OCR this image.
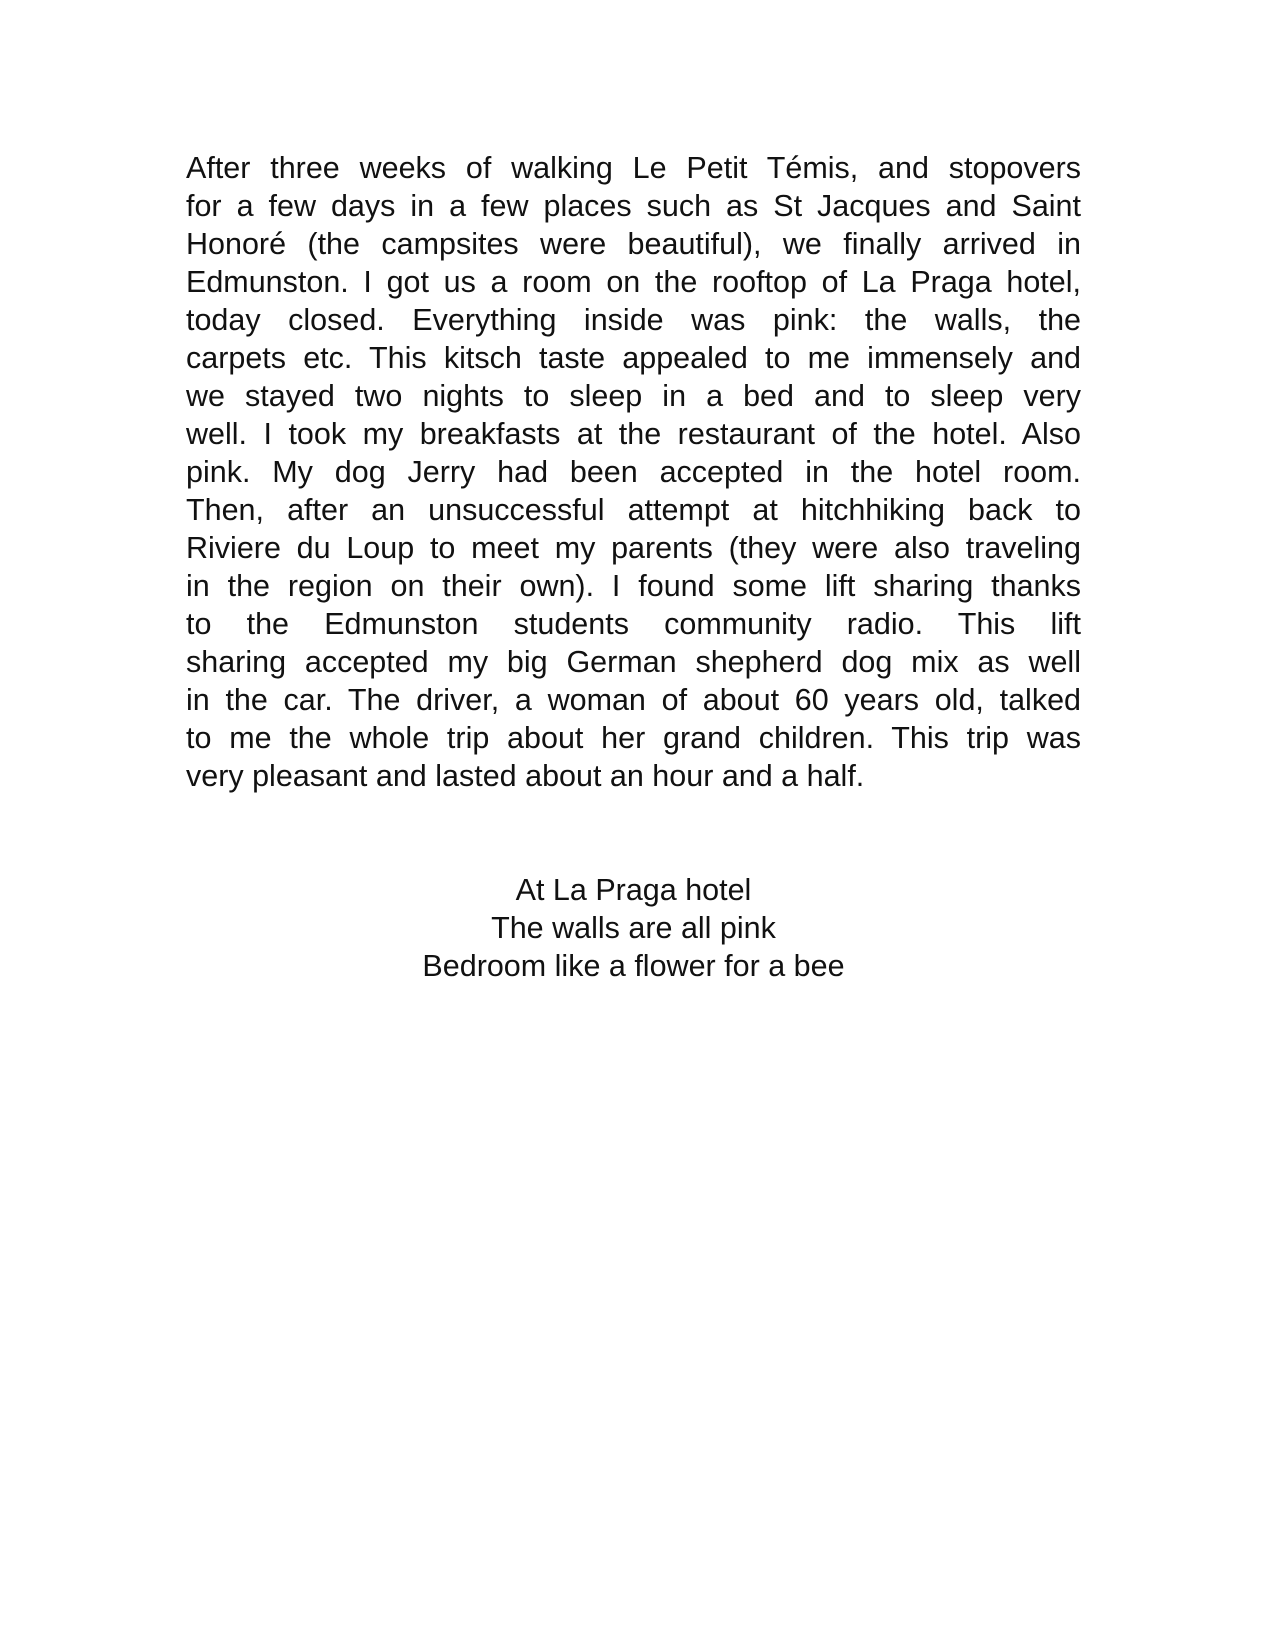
After three weeks of walking Le Petit Témis, and stopovers
for a few days in a few places such as St Jacques and Saint
Honoré (the campsites were beautiful), we finally arrived in
Edmunston. I got us a room on the rooftop of La Praga hotel,
today closed. Everything inside was pink: the walls, the
carpets etc. This kitsch taste appealed to me immensely and
we stayed two nights to sleep in a bed and to sleep very
well. I took my breakfasts at the restaurant of the hotel. Also
pink. My dog Jerry had been accepted in the hotel room.
Then, after an unsuccessful attempt at hitchhiking back to
Riviere du Loup to meet my parents (they were also traveling
in the region on their own). I found some lift sharing thanks
to the Edmunston students community radio. This lift
sharing accepted my big German shepherd dog mix as well
in the car. The driver, a woman of about 60 years old, talked
to me the whole trip about her grand children. This trip was
very pleasant and lasted about an hour and a half.
At La Praga hotel
The walls are all pink
Bedroom like a flower for a bee
